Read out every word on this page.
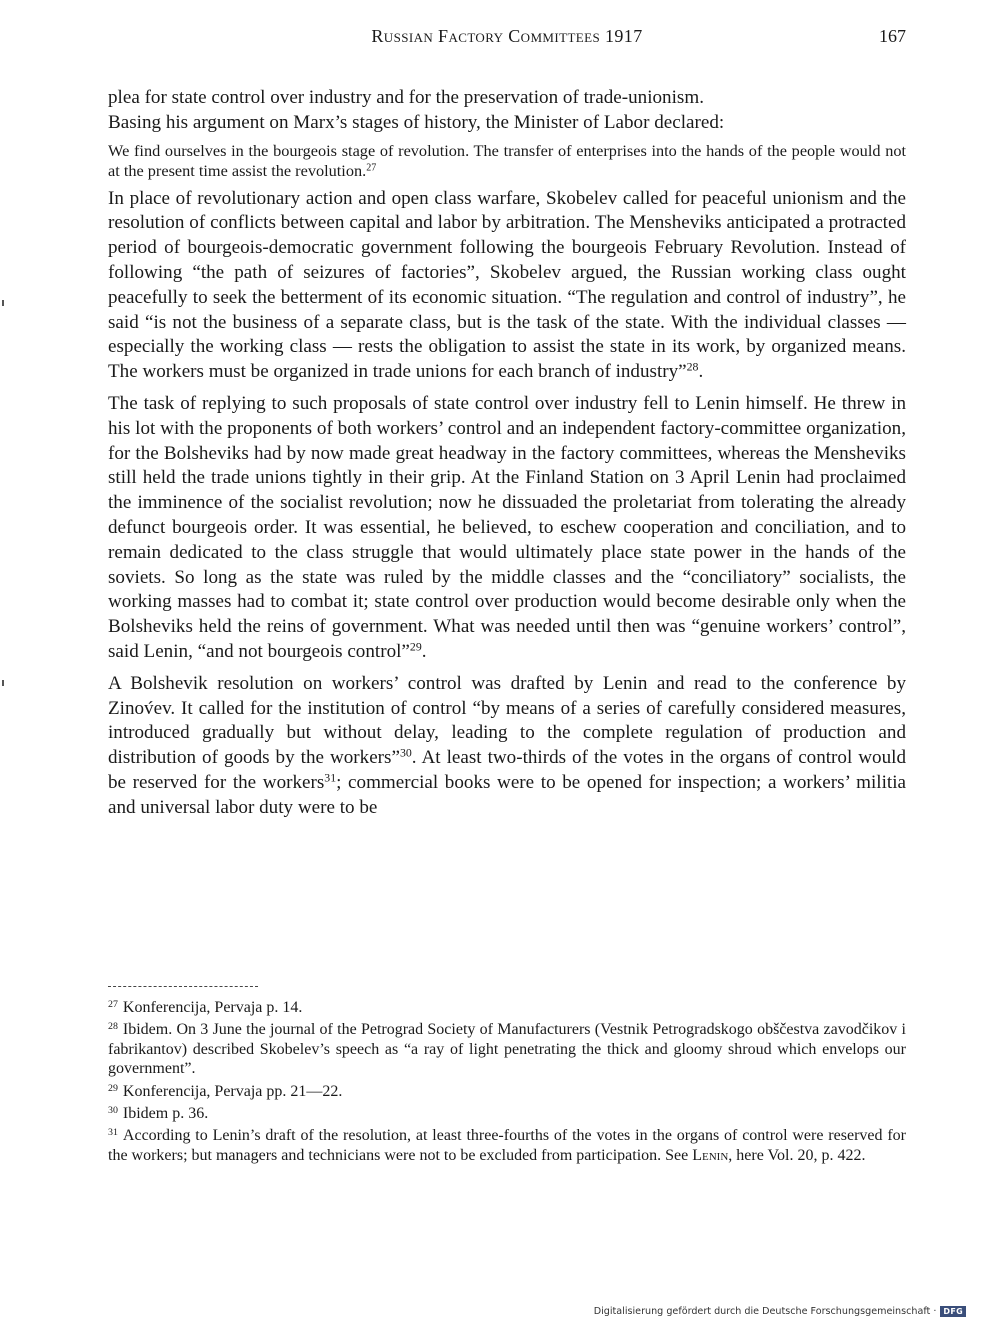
Russian Factory Committees 1917	167

plea for state control over industry and for the preservation of trade-unionism.
Basing his argument on Marx’s stages of history, the Minister of Labor declared:

We find ourselves in the bourgeois stage of revolution. The transfer of enterprises into the hands of the people would not at the present time assist the revolution.$^{27}$

In place of revolutionary action and open class warfare, Skobelev called for peaceful unionism and the resolution of conflicts between capital and labor by arbitration. The Mensheviks anticipated a protracted period of bourgeois-democratic government following the bourgeois February Revolution. Instead of following “the path of seizures of factories”, Skobelev argued, the Russian working class ought peacefully to seek the betterment of its economic situation. “The regulation and control of industry”, he said “is not the business of a separate class, but is the task of the state. With the individual classes — especially the working class — rests the obligation to assist the state in its work, by organized means. The workers must be organized in trade unions for each branch of industry”$^{28}$.

The task of replying to such proposals of state control over industry fell to Lenin himself. He threw in his lot with the proponents of both workers’ control and an independent factory-committee organization, for the Bolsheviks had by now made great headway in the factory committees, whereas the Mensheviks still held the trade unions tightly in their grip. At the Finland Station on 3 April Lenin had proclaimed the imminence of the socialist revolution; now he dissuaded the proletariat from tolerating the already defunct bourgeois order. It was essential, he believed, to eschew cooperation and conciliation, and to remain dedicated to the class struggle that would ultimately place state power in the hands of the soviets. So long as the state was ruled by the middle classes and the “conciliatory” socialists, the working masses had to combat it; state control over production would become desirable only when the Bolsheviks held the reins of government. What was needed until then was “genuine workers’ control”, said Lenin, “and not bourgeois control”$^{29}$.

A Bolshevik resolution on workers’ control was drafted by Lenin and read to the conference by Zinov́ev. It called for the institution of control “by means of a series of carefully considered measures, introduced gradually but without delay, leading to the complete regulation of production and distribution of goods by the workers”$^{30}$. At least two-thirds of the votes in the organs of control would be reserved for the workers$^{31}$; commercial books were to be opened for inspection; a workers’ militia and universal labor duty were to be

$^{27}$ Konferencija, Pervaja p. 14.

$^{28}$ Ibidem. On 3 June the journal of the Petrograd Society of Manufacturers (Vestnik Petrogradskogo obščestva zavodčikov i fabrikantov) described Skobelev’s speech as “a ray of light penetrating the thick and gloomy shroud which envelops our government”.

$^{29}$ Konferencija, Pervaja pp. 21—22.

$^{30}$ Ibidem p. 36.

$^{31}$ According to Lenin’s draft of the resolution, at least three-fourths of the votes in the organs of control were reserved for the workers; but managers and technicians were not to be excluded from participation. See Lenin, here Vol. 20, p. 422.

Digitalisierung gefördert durch die Deutsche Forschungsgemeinschaft · DFG
